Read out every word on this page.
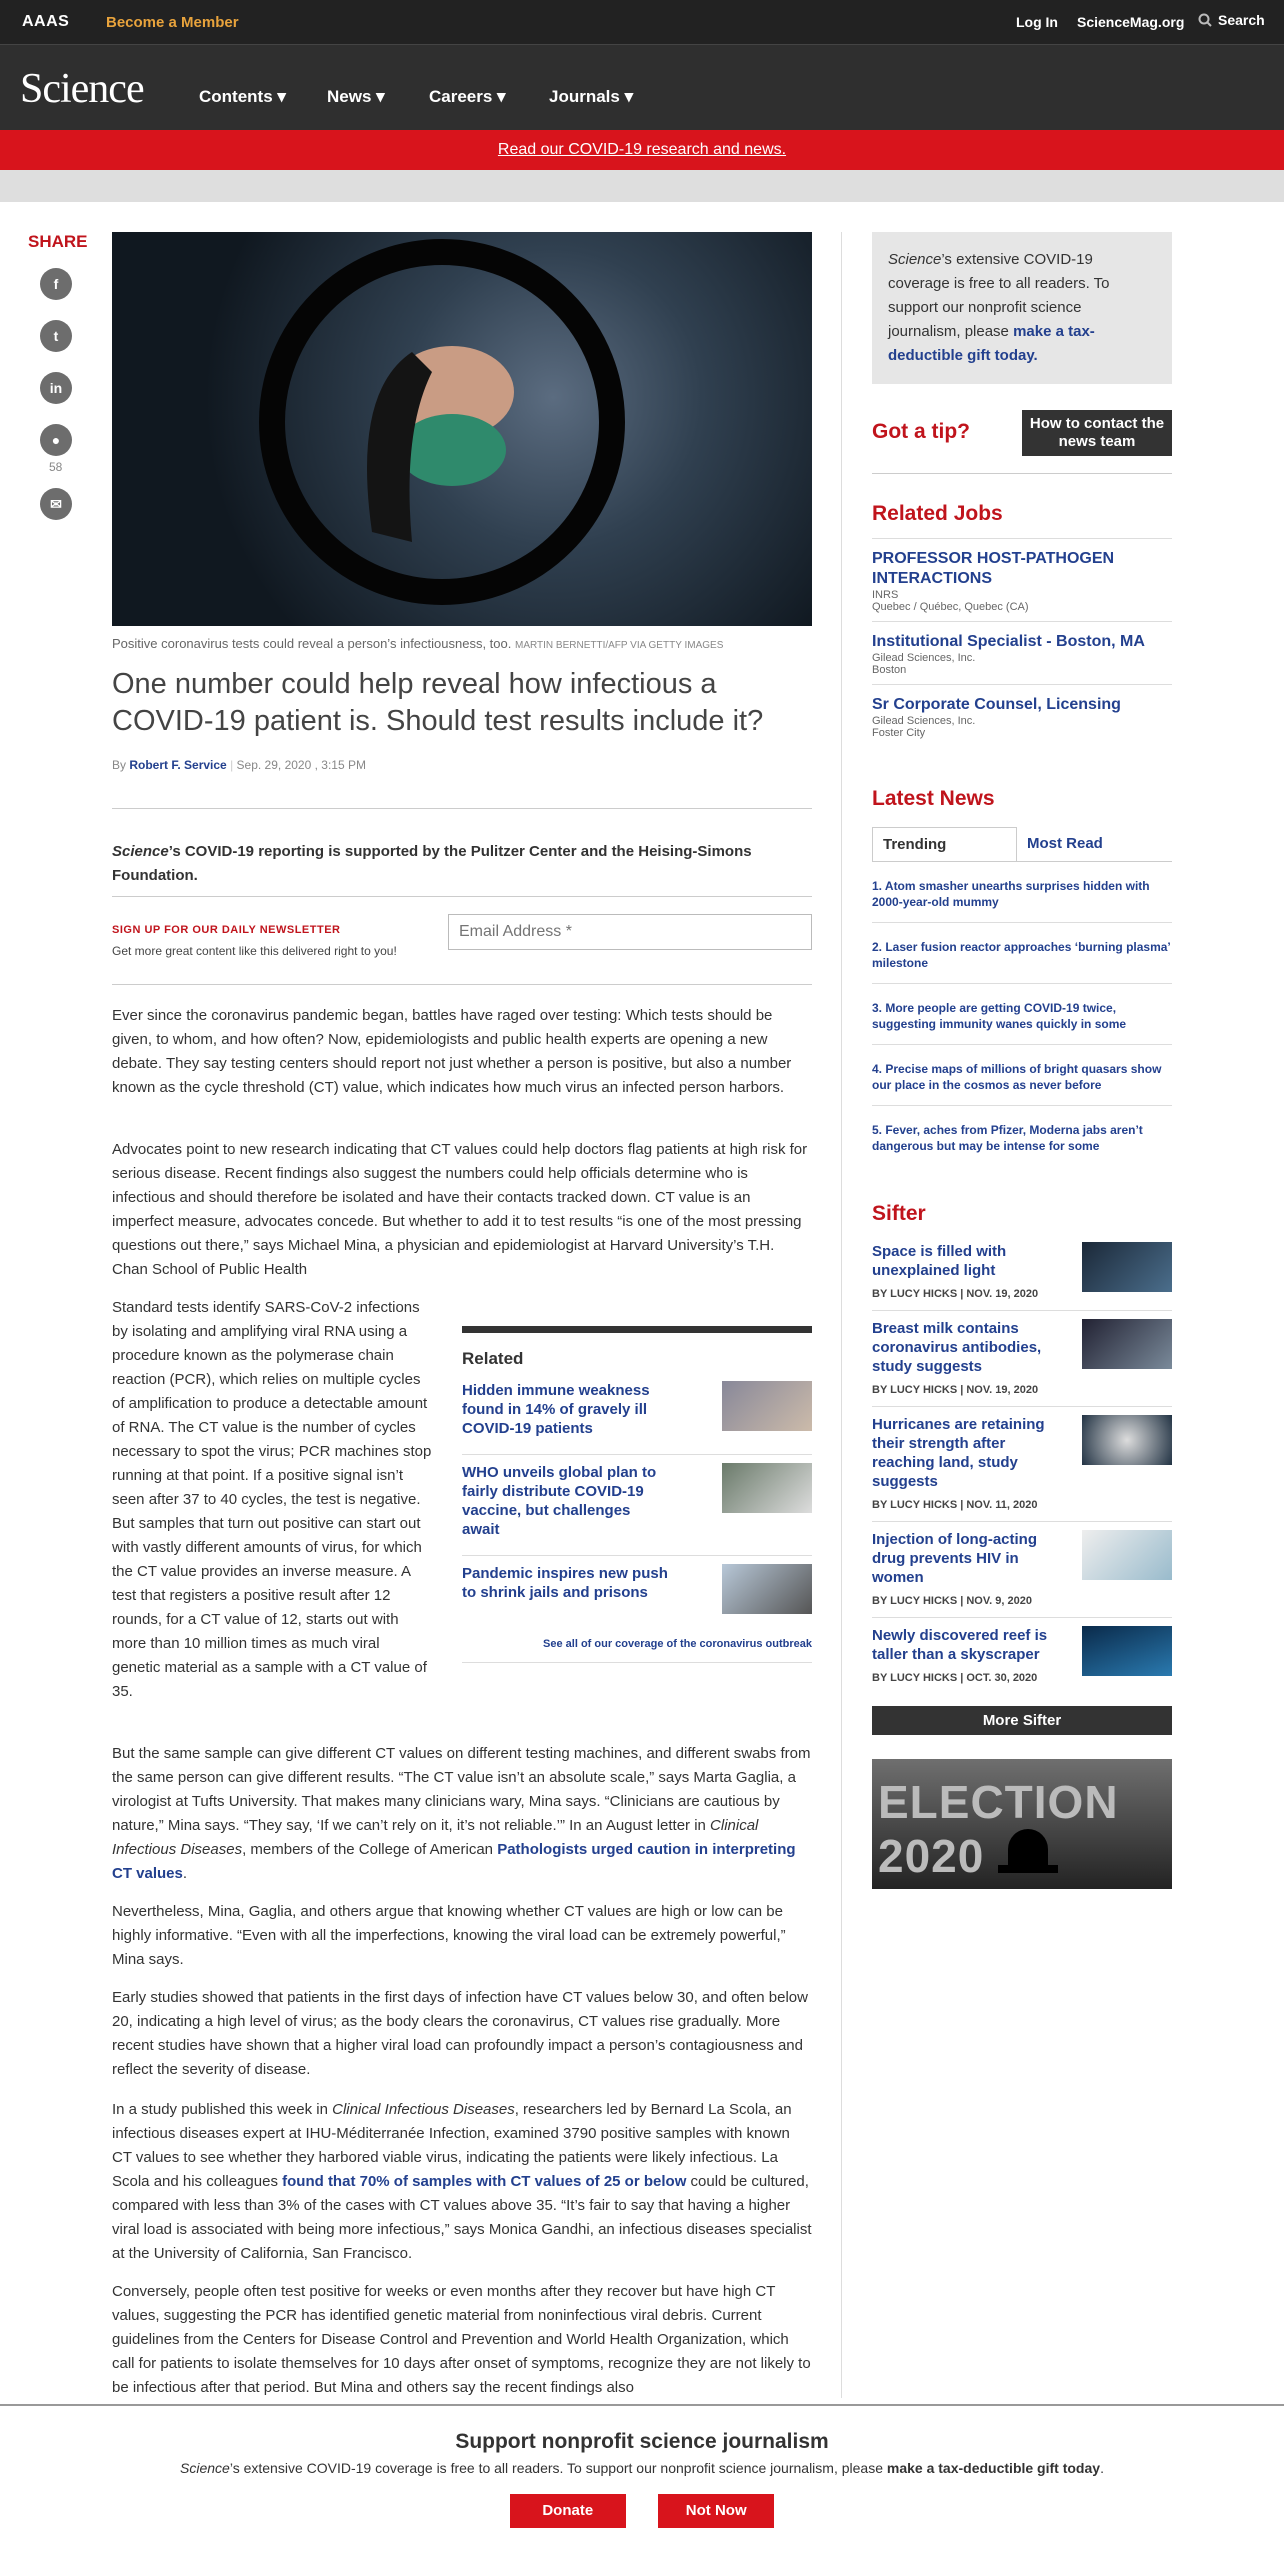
AAAS Become a Member	Log In ScienceMag.org Search
Science	Contents ▾ News ▾	Careers ▾	Journals ▾
Read our COVID-19 research and news.
SHARE
f
t
in
●
58
✉
Positive coronavirus tests could reveal a person’s infectiousness, too. MARTIN BERNETTI/AFP VIA GETTY IMAGES
One number could help reveal how infectious a COVID-19 patient is. Should test results include it?
By Robert F. Service | Sep. 29, 2020 , 3:15 PM
Science’s COVID-19 reporting is supported by the Pulitzer Center and the Heising-Simons Foundation.
SIGN UP FOR OUR DAILY NEWSLETTER
Get more great content like this delivered right to you!
Email Address *

Ever since the coronavirus pandemic began, battles have raged over testing: Which tests should be given, to whom, and how often? Now, epidemiologists and public health experts are opening a new debate. They say testing centers should report not just whether a person is positive, but also a number known as the cycle threshold (CT) value, which indicates how much virus an infected person harbors.

Advocates point to new research indicating that CT values could help doctors flag patients at high risk for serious disease. Recent findings also suggest the numbers could help officials determine who is infectious and should therefore be isolated and have their contacts tracked down. CT value is an imperfect measure, advocates concede. But whether to add it to test results “is one of the most pressing questions out there,” says Michael Mina, a physician and epidemiologist at Harvard University’s T.H. Chan School of Public Health

Standard tests identify SARS-CoV-2 infections by isolating and amplifying viral RNA using a procedure known as the polymerase chain reaction (PCR), which relies on multiple cycles of amplification to produce a detectable amount of RNA. The CT value is the number of cycles necessary to spot the virus; PCR machines stop running at that point. If a positive signal isn’t seen after 37 to 40 cycles, the test is negative. But samples that turn out positive can start out with vastly different amounts of virus, for which the CT value provides an inverse measure. A test that registers a positive result after 12 rounds, for a CT value of 12, starts out with more than 10 million times as much viral genetic material as a sample with a CT value of 35.

Related
Hidden immune weakness found in 14% of gravely ill COVID-19 patients
WHO unveils global plan to fairly distribute COVID-19 vaccine, but challenges await
Pandemic inspires new push to shrink jails and prisons
See all of our coverage of the coronavirus outbreak

But the same sample can give different CT values on different testing machines, and different swabs from the same person can give different results. “The CT value isn’t an absolute scale,” says Marta Gaglia, a virologist at Tufts University. That makes many clinicians wary, Mina says. “Clinicians are cautious by nature,” Mina says. “They say, ‘If we can’t rely on it, it’s not reliable.’” In an August letter in Clinical Infectious Diseases, members of the College of American Pathologists urged caution in interpreting CT values.

Nevertheless, Mina, Gaglia, and others argue that knowing whether CT values are high or low can be highly informative. “Even with all the imperfections, knowing the viral load can be extremely powerful,” Mina says.

Early studies showed that patients in the first days of infection have CT values below 30, and often below 20, indicating a high level of virus; as the body clears the coronavirus, CT values rise gradually. More recent studies have shown that a higher viral load can profoundly impact a person’s contagiousness and reflect the severity of disease.

In a study published this week in Clinical Infectious Diseases, researchers led by Bernard La Scola, an infectious diseases expert at IHU-Méditerranée Infection, examined 3790 positive samples with known CT values to see whether they harbored viable virus, indicating the patients were likely infectious. La Scola and his colleagues found that 70% of samples with CT values of 25 or below could be cultured, compared with less than 3% of the cases with CT values above 35. “It’s fair to say that having a higher viral load is associated with being more infectious,” says Monica Gandhi, an infectious diseases specialist at the University of California, San Francisco.

Conversely, people often test positive for weeks or even months after they recover but have high CT values, suggesting the PCR has identified genetic material from noninfectious viral debris. Current guidelines from the Centers for Disease Control and Prevention and World Health Organization, which call for patients to isolate themselves for 10 days after onset of symptoms, recognize they are not likely to be infectious after that period. But Mina and others say the recent findings also

Science’s extensive COVID-19 coverage is free to all readers. To support our nonprofit science journalism, please make a tax-deductible gift today.
Got a tip?	How to contact the news team
Related Jobs
PROFESSOR HOST-PATHOGEN INTERACTIONS
INRS
Quebec / Québec, Quebec (CA)
Institutional Specialist - Boston, MA
Gilead Sciences, Inc.
Boston
Sr Corporate Counsel, Licensing
Gilead Sciences, Inc.
Foster City
Latest News
Trending	Most Read
1. Atom smasher unearths surprises hidden with 2000-year-old mummy
2. Laser fusion reactor approaches ‘burning plasma’ milestone
3. More people are getting COVID-19 twice, suggesting immunity wanes quickly in some
4. Precise maps of millions of bright quasars show our place in the cosmos as never before
5. Fever, aches from Pfizer, Moderna jabs aren’t dangerous but may be intense for some
Sifter
Space is filled with unexplained light
BY LUCY HICKS | NOV. 19, 2020
Breast milk contains coronavirus antibodies, study suggests
BY LUCY HICKS | NOV. 19, 2020
Hurricanes are retaining their strength after reaching land, study suggests
BY LUCY HICKS | NOV. 11, 2020
Injection of long-acting drug prevents HIV in women
BY LUCY HICKS | NOV. 9, 2020
Newly discovered reef is taller than a skyscraper
BY LUCY HICKS | OCT. 30, 2020
More Sifter
ELECTION 2020
Support nonprofit science journalism

Science’s extensive COVID-19 coverage is free to all readers. To support our nonprofit science journalism, please make a tax-deductible gift today.

Donate	Not Now
